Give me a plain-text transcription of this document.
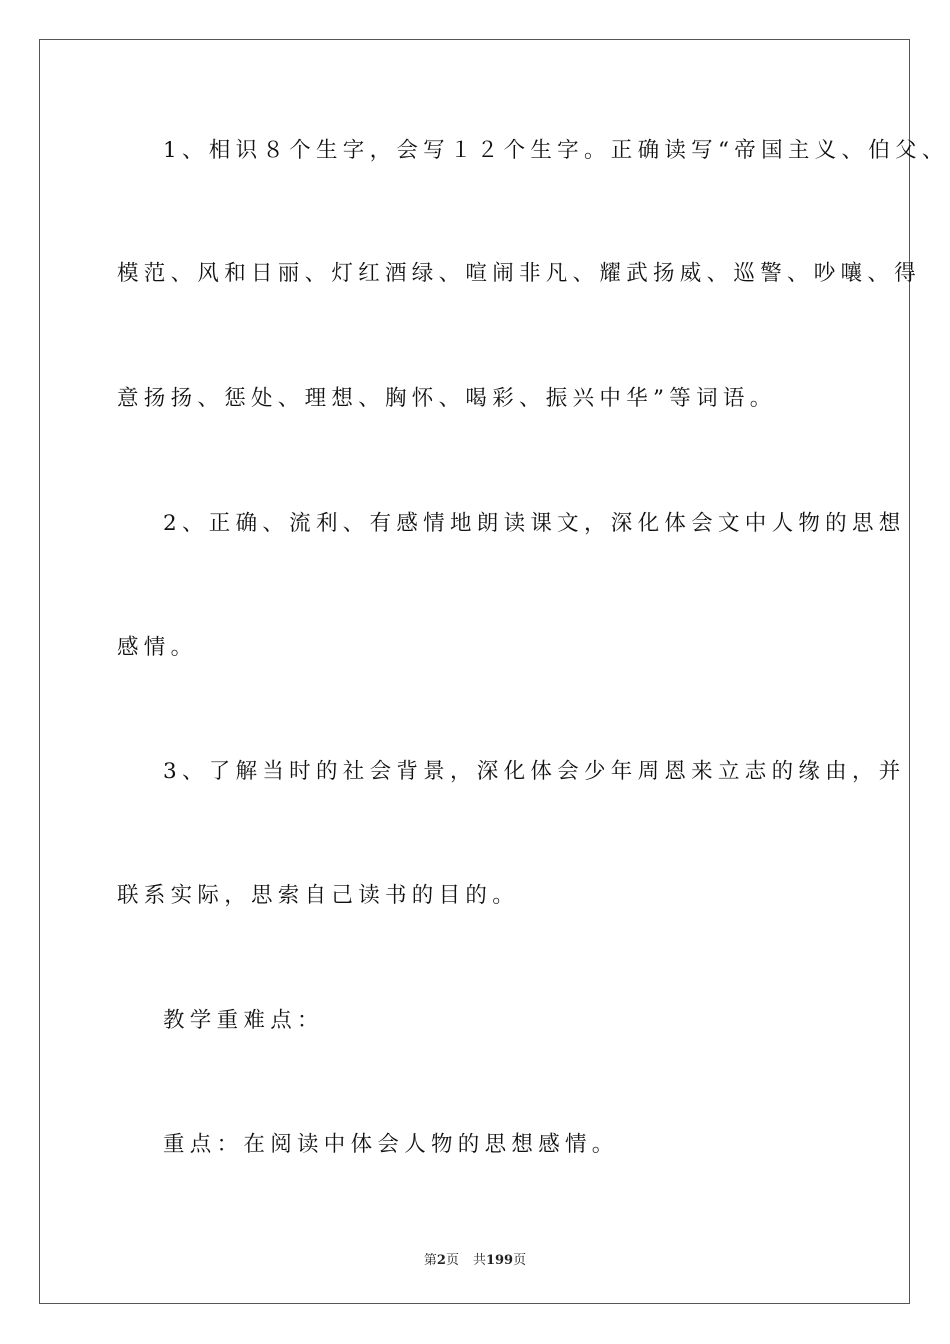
1、相识８个生字，会写１２个生字。正确读写“帝国主义、伯父、
模范、风和日丽、灯红酒绿、喧闹非凡、耀武扬威、巡警、吵嚷、得
意扬扬、惩处、理想、胸怀、喝彩、振兴中华”等词语。
2、正确、流利、有感情地朗读课文，深化体会文中人物的思想
感情。
3、了解当时的社会背景，深化体会少年周恩来立志的缘由，并
联系实际，思索自己读书的目的。
教学重难点：
重点：在阅读中体会人物的思想感情。
第2页 共199页
